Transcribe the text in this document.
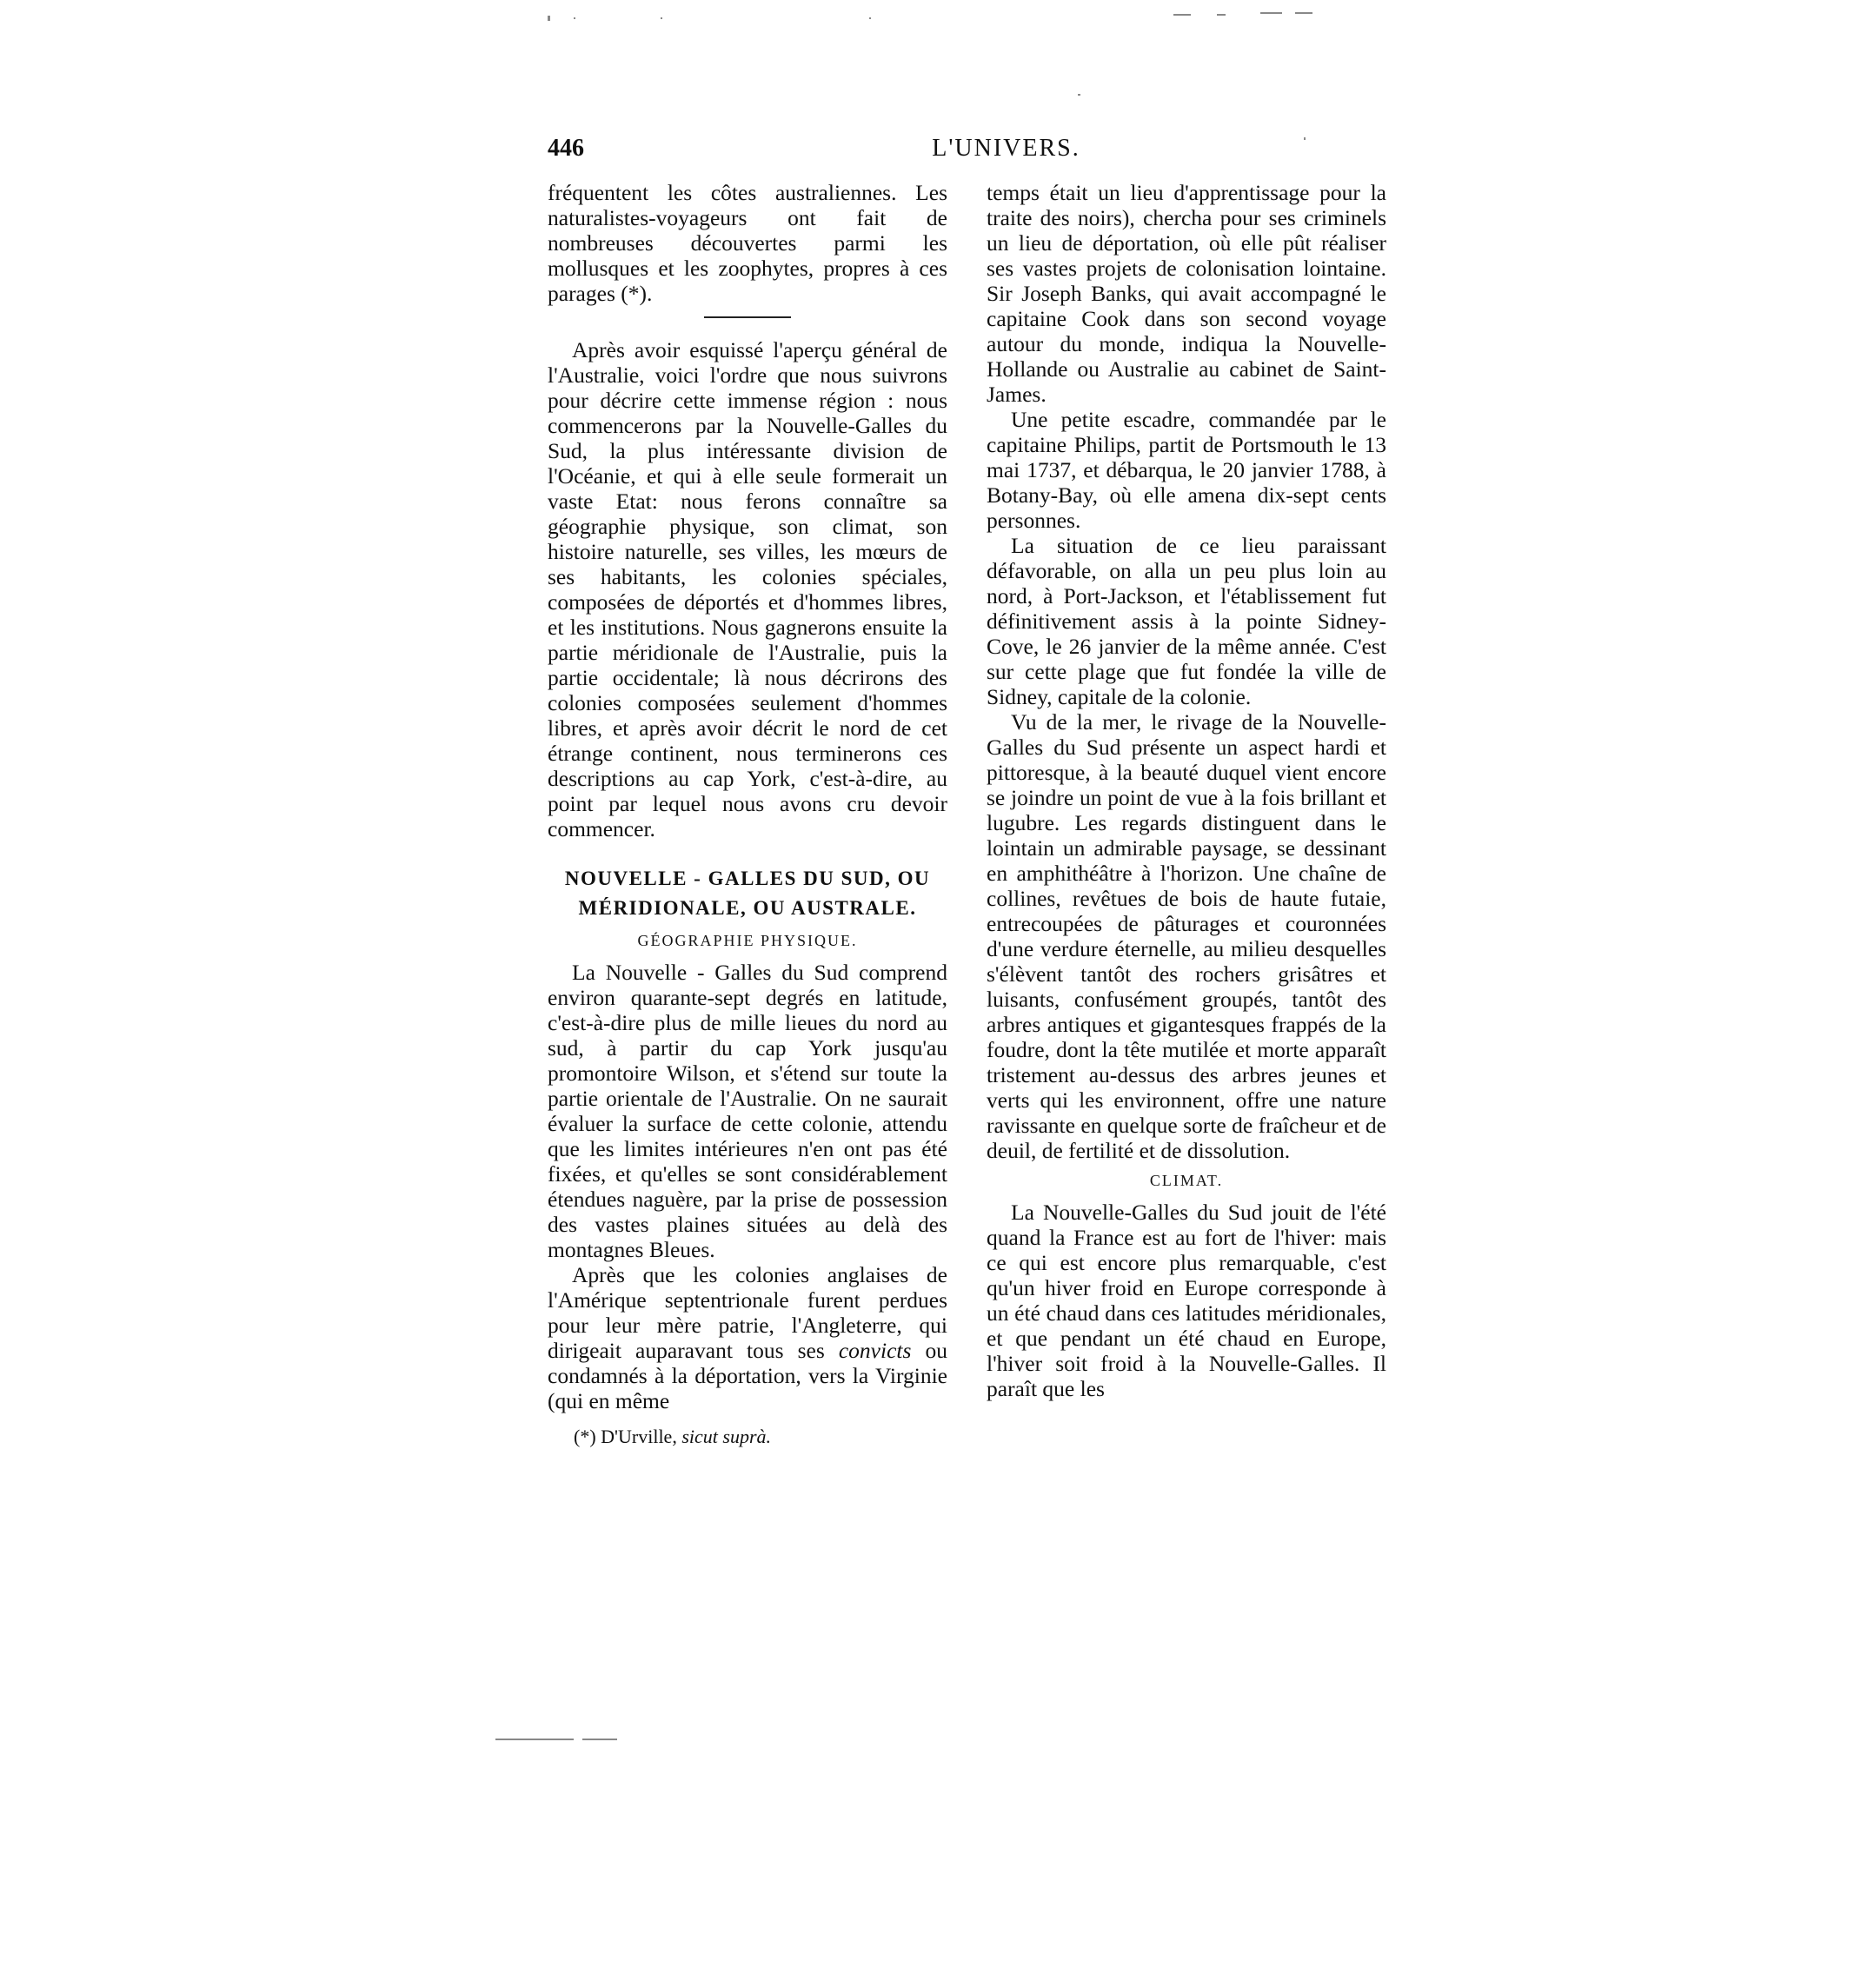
446	L'UNIVERS.

fréquentent les côtes australiennes. Les naturalistes-voyageurs ont fait de nombreuses découvertes parmi les mollusques et les zoophytes, propres à ces parages (*).

Après avoir esquissé l'aperçu général de l'Australie, voici l'ordre que nous suivrons pour décrire cette immense région : nous commencerons par la Nouvelle-Galles du Sud, la plus intéressante division de l'Océanie, et qui à elle seule formerait un vaste Etat: nous ferons connaître sa géographie physique, son climat, son histoire naturelle, ses villes, les mœurs de ses habitants, les colonies spéciales, composées de déportés et d'hommes libres, et les institutions. Nous gagnerons ensuite la partie méridionale de l'Australie, puis la partie occidentale; là nous décrirons des colonies composées seulement d'hommes libres, et après avoir décrit le nord de cet étrange continent, nous terminerons ces descriptions au cap York, c'est-à-dire, au point par lequel nous avons cru devoir commencer.

NOUVELLE - GALLES DU SUD, OU
MÉRIDIONALE, OU AUSTRALE.
GÉOGRAPHIE PHYSIQUE.

La Nouvelle - Galles du Sud comprend environ quarante-sept degrés en latitude, c'est-à-dire plus de mille lieues du nord au sud, à partir du cap York jusqu'au promontoire Wilson, et s'étend sur toute la partie orientale de l'Australie. On ne saurait évaluer la surface de cette colonie, attendu que les limites intérieures n'en ont pas été fixées, et qu'elles se sont considérablement étendues naguère, par la prise de possession des vastes plaines situées au delà des montagnes Bleues.

Après que les colonies anglaises de l'Amérique septentrionale furent perdues pour leur mère patrie, l'Angleterre, qui dirigeait auparavant tous ses convicts ou condamnés à la déportation, vers la Virginie (qui en même

(*) D'Urville, sicut suprà.

temps était un lieu d'apprentissage pour la traite des noirs), chercha pour ses criminels un lieu de déportation, où elle pût réaliser ses vastes projets de colonisation lointaine. Sir Joseph Banks, qui avait accompagné le capitaine Cook dans son second voyage autour du monde, indiqua la Nouvelle-Hollande ou Australie au cabinet de Saint-James.

Une petite escadre, commandée par le capitaine Philips, partit de Portsmouth le 13 mai 1737, et débarqua, le 20 janvier 1788, à Botany-Bay, où elle amena dix-sept cents personnes.

La situation de ce lieu paraissant défavorable, on alla un peu plus loin au nord, à Port-Jackson, et l'établissement fut définitivement assis à la pointe Sidney-Cove, le 26 janvier de la même année. C'est sur cette plage que fut fondée la ville de Sidney, capitale de la colonie.

Vu de la mer, le rivage de la Nouvelle-Galles du Sud présente un aspect hardi et pittoresque, à la beauté duquel vient encore se joindre un point de vue à la fois brillant et lugubre. Les regards distinguent dans le lointain un admirable paysage, se dessinant en amphithéâtre à l'horizon. Une chaîne de collines, revêtues de bois de haute futaie, entrecoupées de pâturages et couronnées d'une verdure éternelle, au milieu desquelles s'élèvent tantôt des rochers grisâtres et luisants, confusément groupés, tantôt des arbres antiques et gigantesques frappés de la foudre, dont la tête mutilée et morte apparaît tristement au-dessus des arbres jeunes et verts qui les environnent, offre une nature ravissante en quelque sorte de fraîcheur et de deuil, de fertilité et de dissolution.

CLIMAT.

La Nouvelle-Galles du Sud jouit de l'été quand la France est au fort de l'hiver: mais ce qui est encore plus remarquable, c'est qu'un hiver froid en Europe corresponde à un été chaud dans ces latitudes méridionales, et que pendant un été chaud en Europe, l'hiver soit froid à la Nouvelle-Galles. Il paraît que les
